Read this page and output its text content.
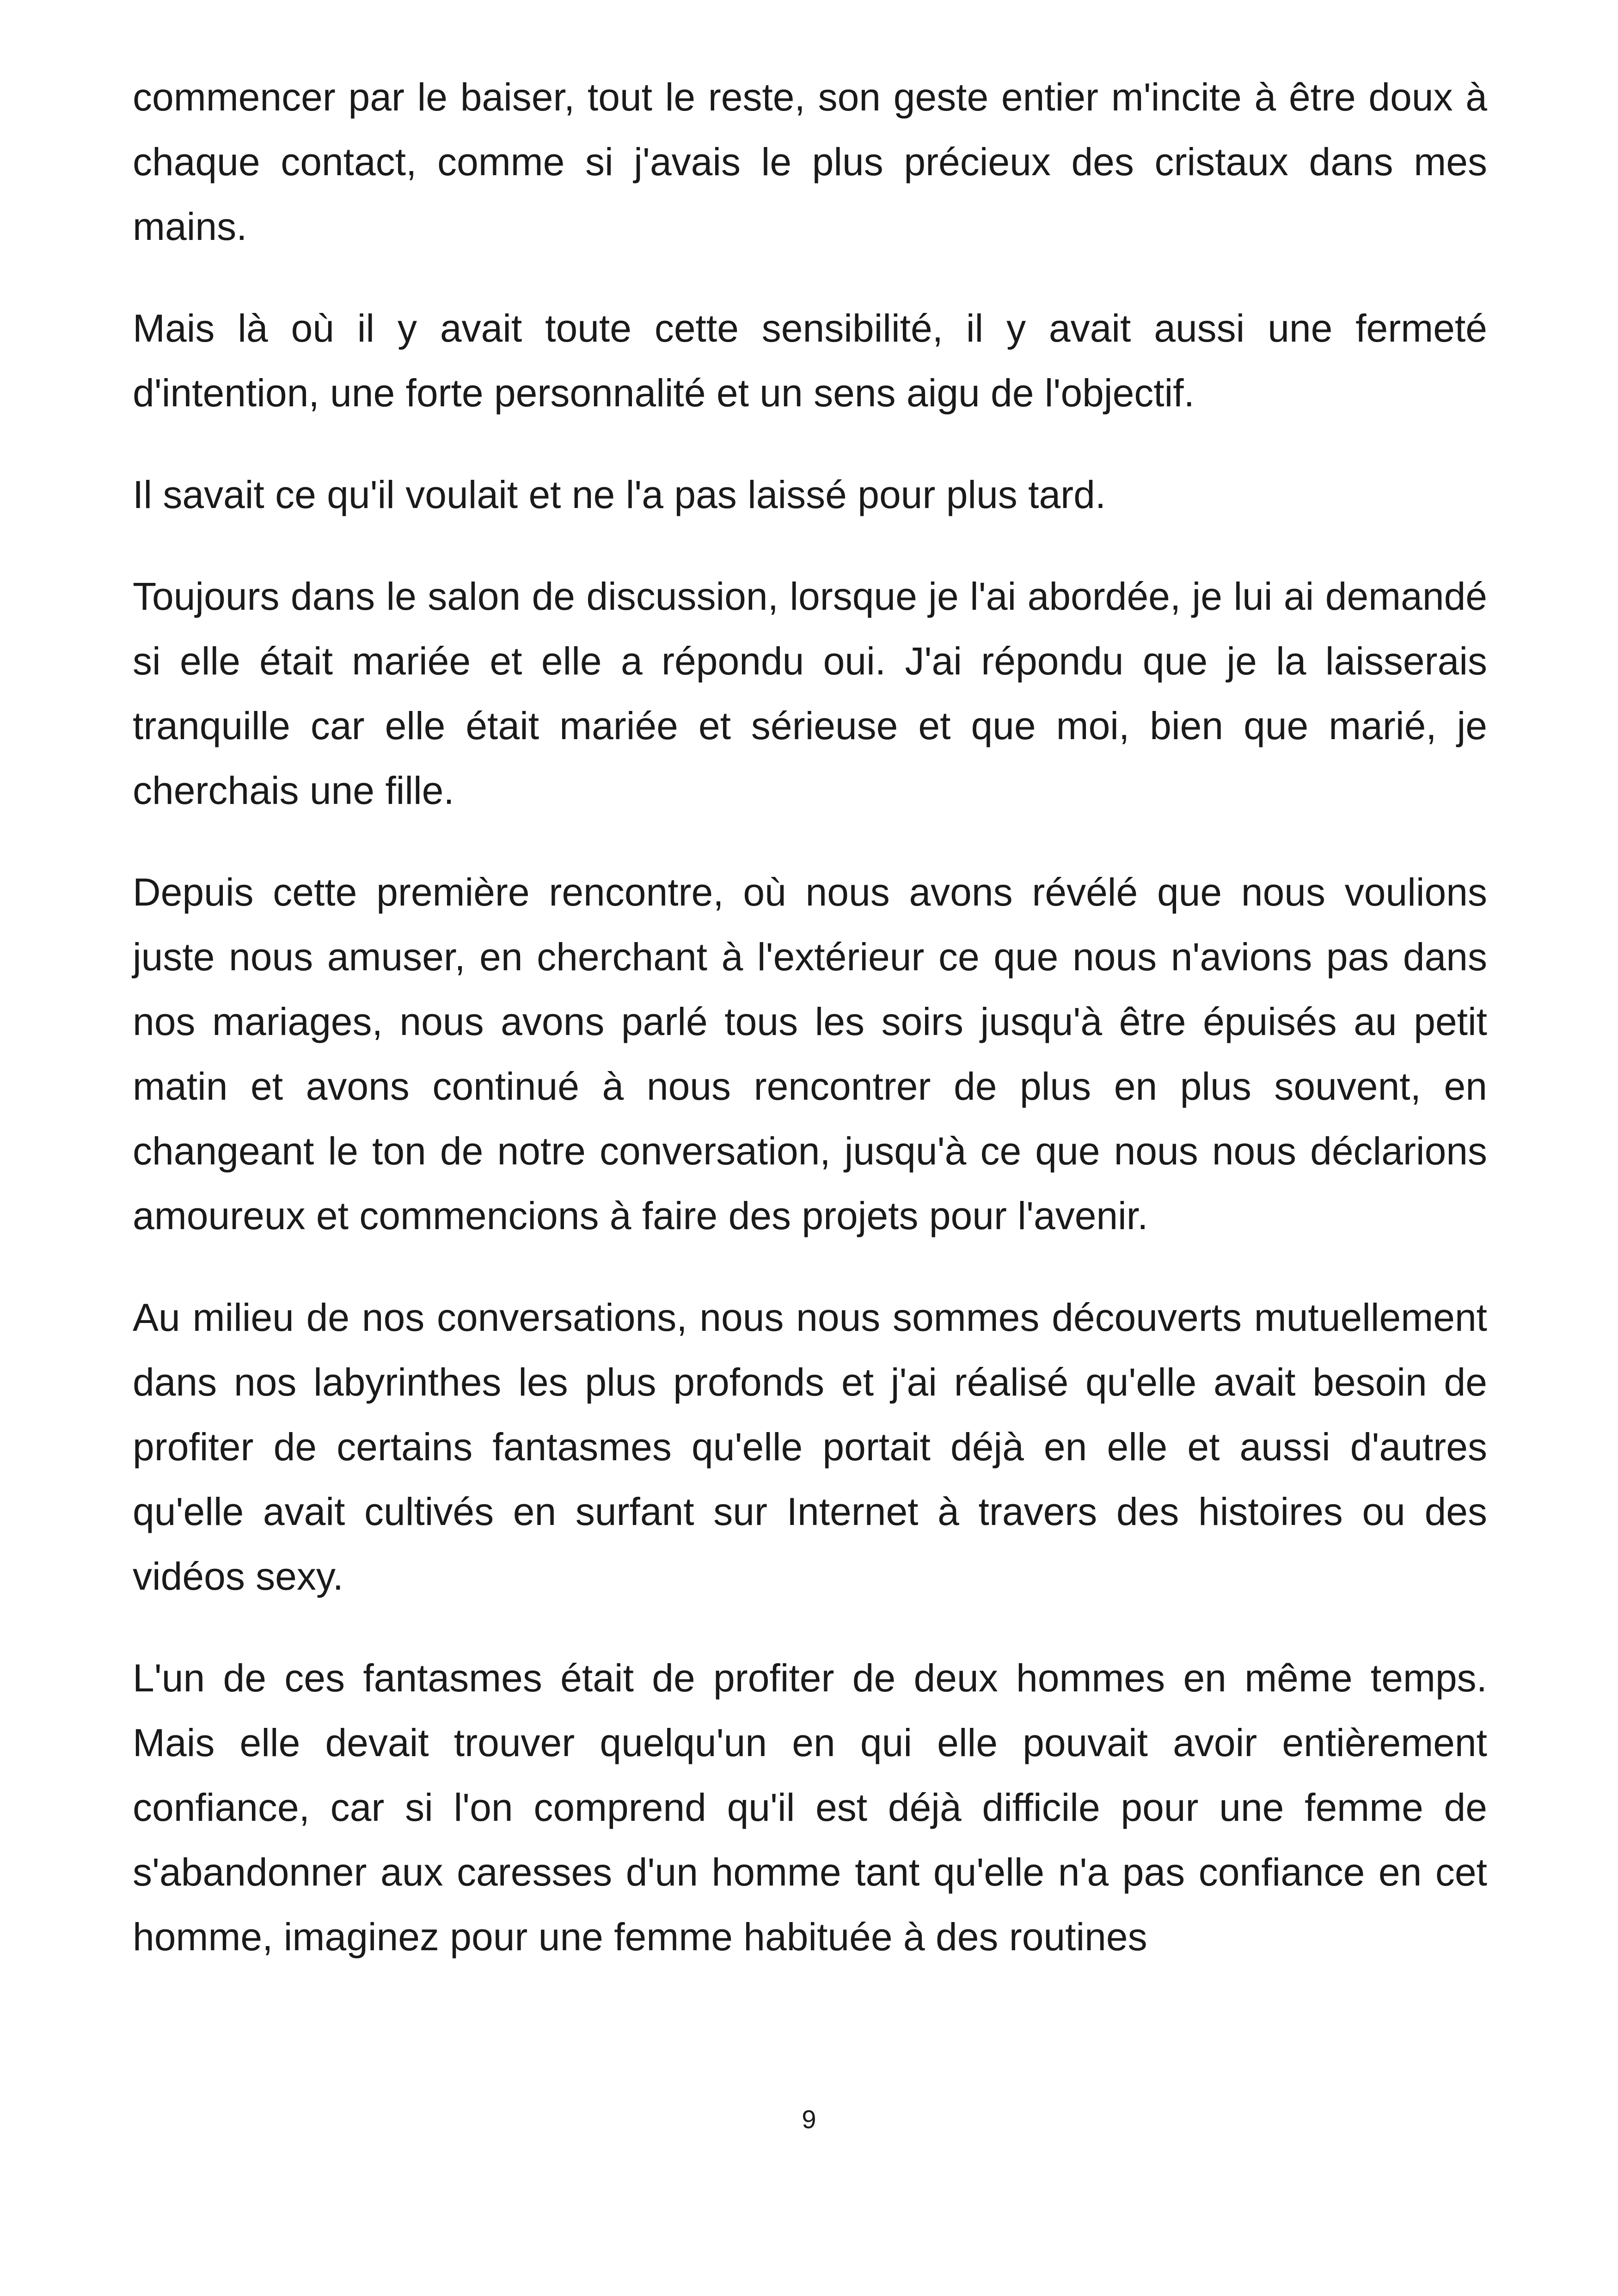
commencer par le baiser, tout le reste, son geste entier m'incite à être doux à chaque contact, comme si j'avais le plus précieux des cristaux dans mes mains.

Mais là où il y avait toute cette sensibilité, il y avait aussi une fermeté d'intention, une forte personnalité et un sens aigu de l'objectif.

Il savait ce qu'il voulait et ne l'a pas laissé pour plus tard.

Toujours dans le salon de discussion, lorsque je l'ai abordée, je lui ai demandé si elle était mariée et elle a répondu oui. J'ai répondu que je la laisserais tranquille car elle était mariée et sérieuse et que moi, bien que marié, je cherchais une fille.

Depuis cette première rencontre, où nous avons révélé que nous voulions juste nous amuser, en cherchant à l'extérieur ce que nous n'avions pas dans nos mariages, nous avons parlé tous les soirs jusqu'à être épuisés au petit matin et avons continué à nous rencontrer de plus en plus souvent, en changeant le ton de notre conversation, jusqu'à ce que nous nous déclarions amoureux et commencions à faire des projets pour l'avenir.

Au milieu de nos conversations, nous nous sommes découverts mutuellement dans nos labyrinthes les plus profonds et j'ai réalisé qu'elle avait besoin de profiter de certains fantasmes qu'elle portait déjà en elle et aussi d'autres qu'elle avait cultivés en surfant sur Internet à travers des histoires ou des vidéos sexy.

L'un de ces fantasmes était de profiter de deux hommes en même temps. Mais elle devait trouver quelqu'un en qui elle pouvait avoir entièrement confiance, car si l'on comprend qu'il est déjà difficile pour une femme de s'abandonner aux caresses d'un homme tant qu'elle n'a pas confiance en cet homme, imaginez pour une femme habituée à des routines

9
